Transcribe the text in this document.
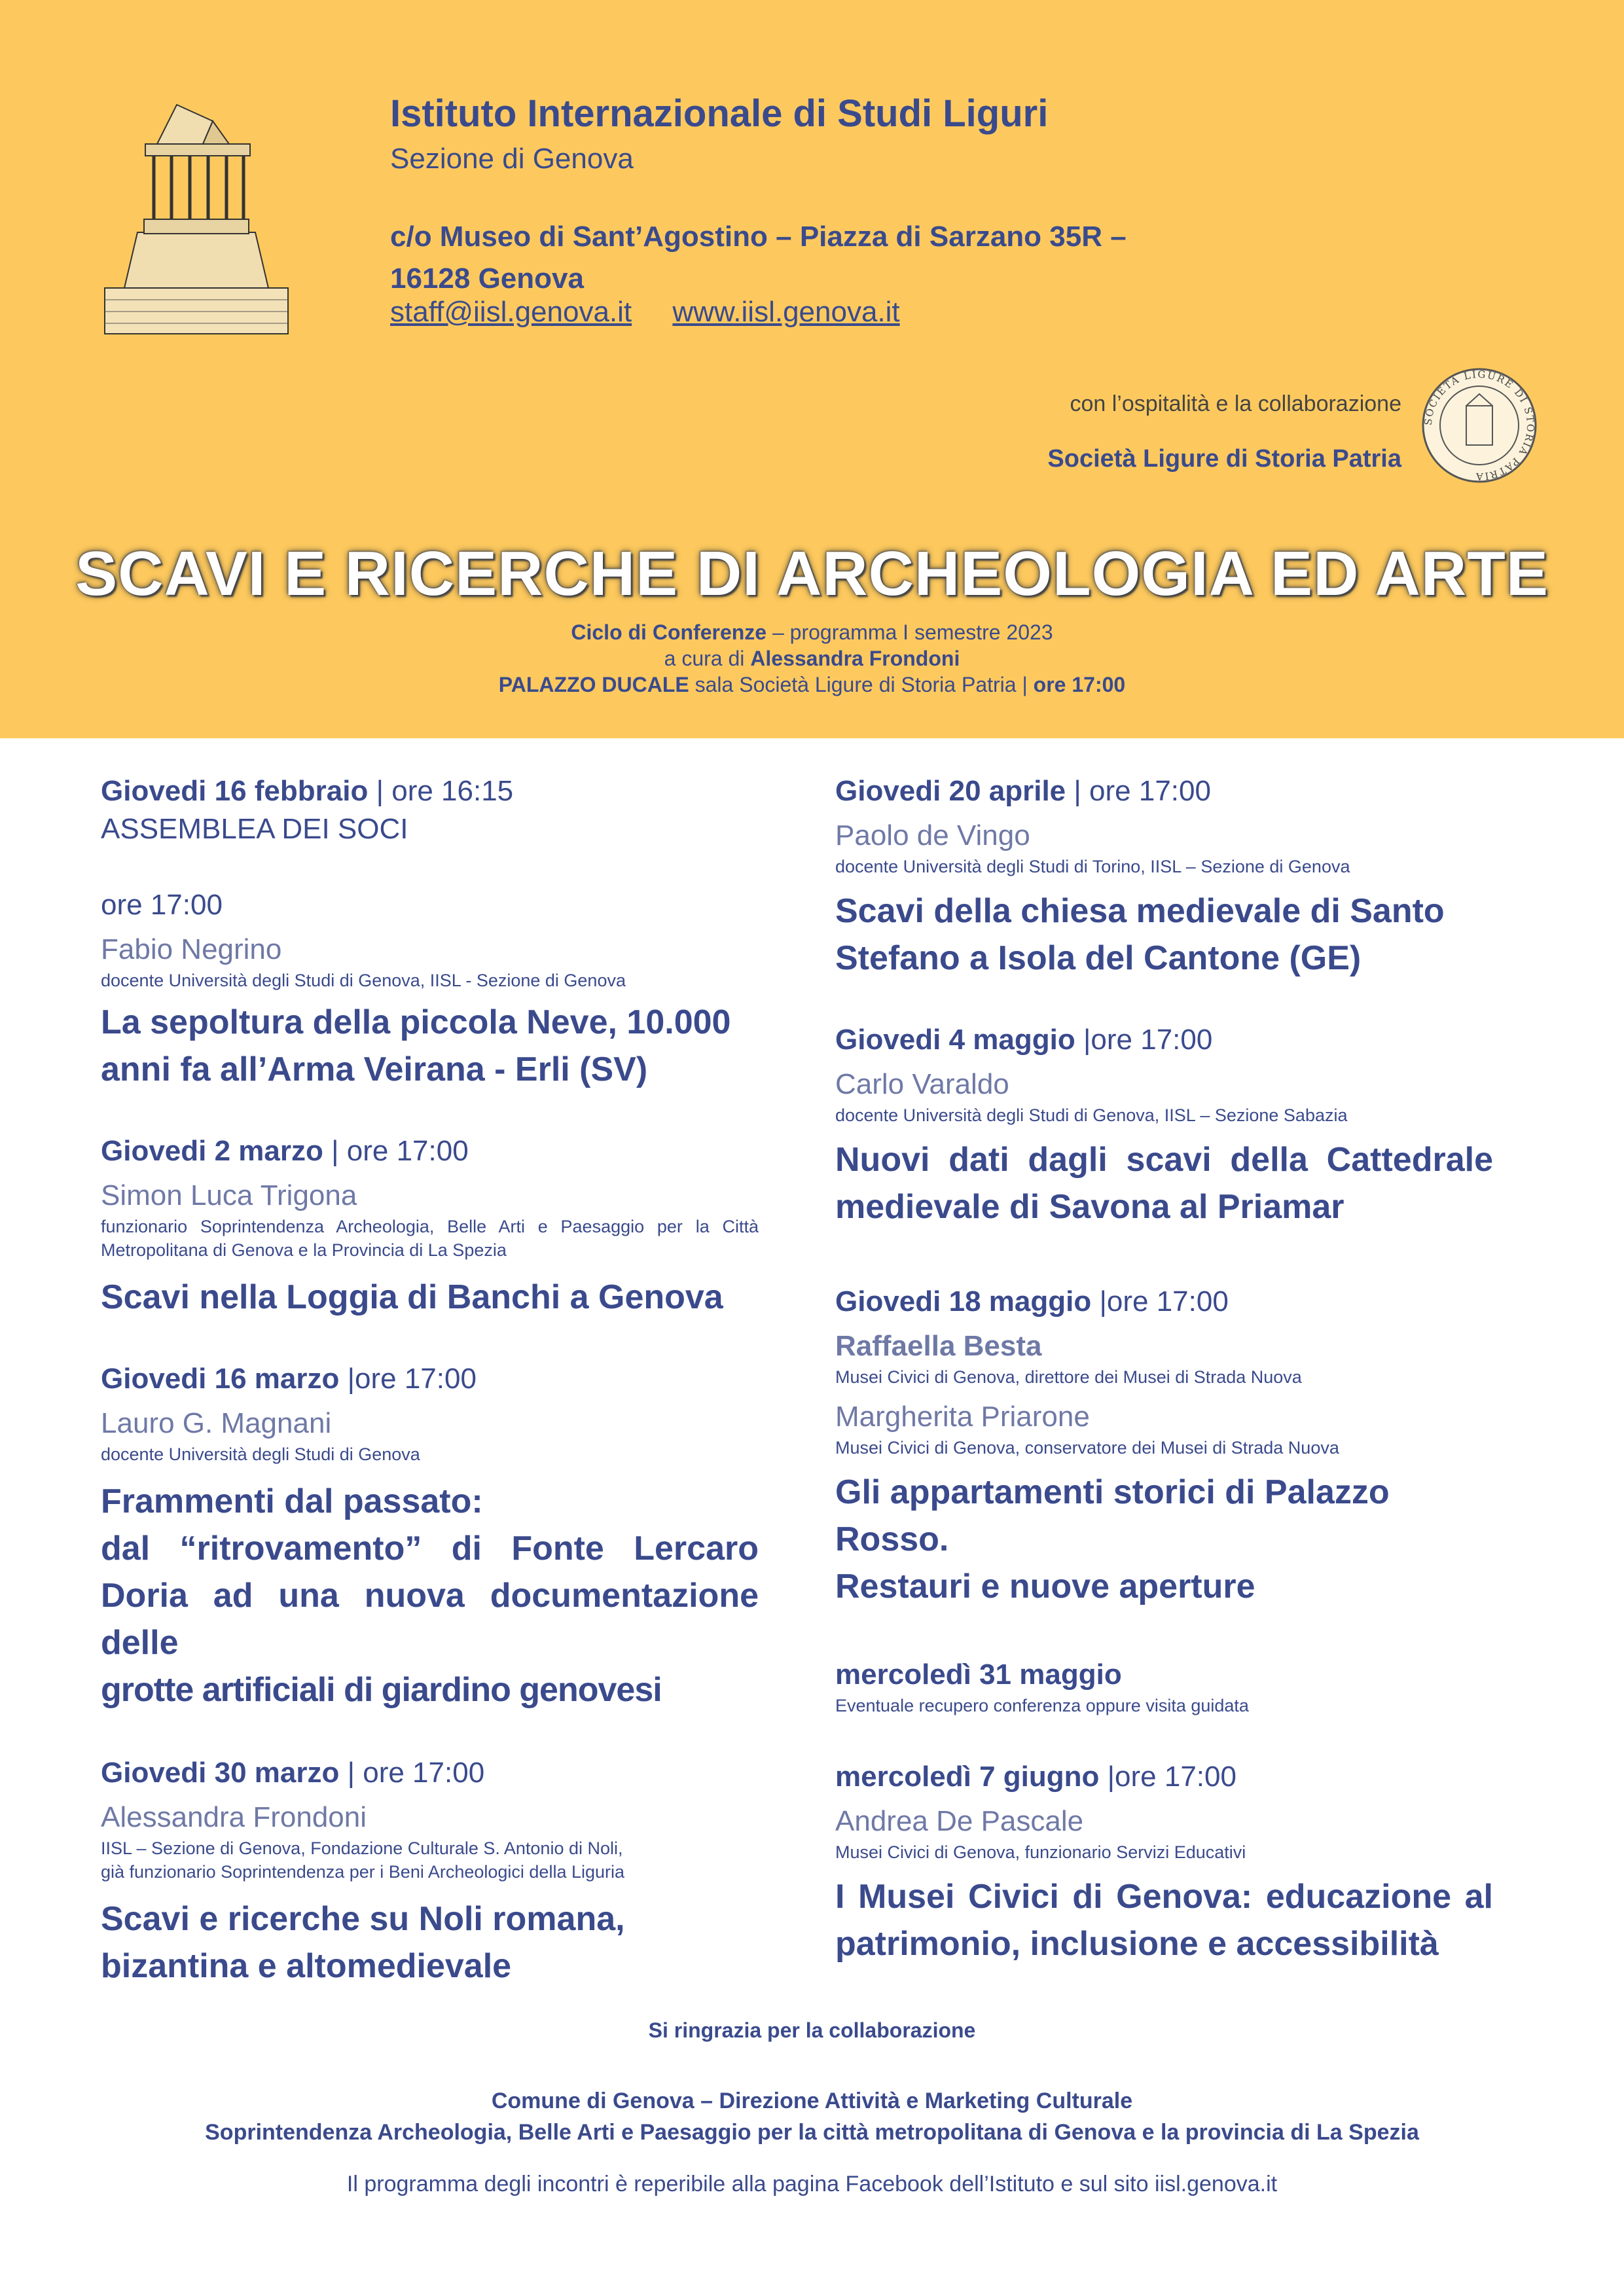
Istituto Internazionale di Studi Liguri
Sezione di Genova
c/o Museo di Sant’Agostino – Piazza di Sarzano 35R –
16128 Genova
staff@iisl.genova.it www.iisl.genova.it
con l’ospitalità e la collaborazione
Società Ligure di Storia Patria
SOCIETA LIGURE DI STORIA PATRIA
SCAVI E RICERCHE DI ARCHEOLOGIA ED ARTE
Ciclo di Conferenze – programma I semestre 2023
a cura di Alessandra Frondoni
PALAZZO DUCALE sala Società Ligure di Storia Patria | ore 17:00
Giovedi 16 febbraio | ore 16:15
ASSEMBLEA DEI SOCI
ore 17:00
Fabio Negrino
docente Università degli Studi di Genova, IISL - Sezione di Genova
La sepoltura della piccola Neve, 10.000
anni fa all’Arma Veirana - Erli (SV)
Giovedi 2 marzo | ore 17:00
Simon Luca Trigona
funzionario Soprintendenza Archeologia, Belle Arti e Paesaggio per la Città Metropolitana di Genova e la Provincia di La Spezia
Scavi nella Loggia di Banchi a Genova
Giovedi 16 marzo |ore 17:00
Lauro G. Magnani
docente Università degli Studi di Genova
Frammenti dal passato:
dal “ritrovamento” di Fonte Lercaro Doria ad una nuova documentazione delle
grotte artificiali di giardino genovesi
Giovedi 30 marzo | ore 17:00
Alessandra Frondoni
IISL – Sezione di Genova, Fondazione Culturale S. Antonio di Noli,
già funzionario Soprintendenza per i Beni Archeologici della Liguria
Scavi e ricerche su Noli romana, bizantina e altomedievale
Giovedi 20 aprile | ore 17:00
Paolo de Vingo
docente Università degli Studi di Torino, IISL – Sezione di Genova
Scavi della chiesa medievale di Santo
Stefano a Isola del Cantone (GE)
Giovedi 4 maggio |ore 17:00
Carlo Varaldo
docente Università degli Studi di Genova, IISL – Sezione Sabazia
Nuovi dati dagli scavi della Cattedrale medievale di Savona al Priamar
Giovedi 18 maggio |ore 17:00
Raffaella Besta
Musei Civici di Genova, direttore dei Musei di Strada Nuova
Margherita Priarone
Musei Civici di Genova, conservatore dei Musei di Strada Nuova
Gli appartamenti storici di Palazzo Rosso.
Restauri e nuove aperture
mercoledì 31 maggio
Eventuale recupero conferenza oppure visita guidata
mercoledì 7 giugno |ore 17:00
Andrea De Pascale
Musei Civici di Genova, funzionario Servizi Educativi
I Musei Civici di Genova: educazione al patrimonio, inclusione e accessibilità
Si ringrazia per la collaborazione
Comune di Genova – Direzione Attività e Marketing Culturale
Soprintendenza Archeologia, Belle Arti e Paesaggio per la città metropolitana di Genova e la provincia di La Spezia
Il programma degli incontri è reperibile alla pagina Facebook dell’Istituto e sul sito iisl.genova.it
